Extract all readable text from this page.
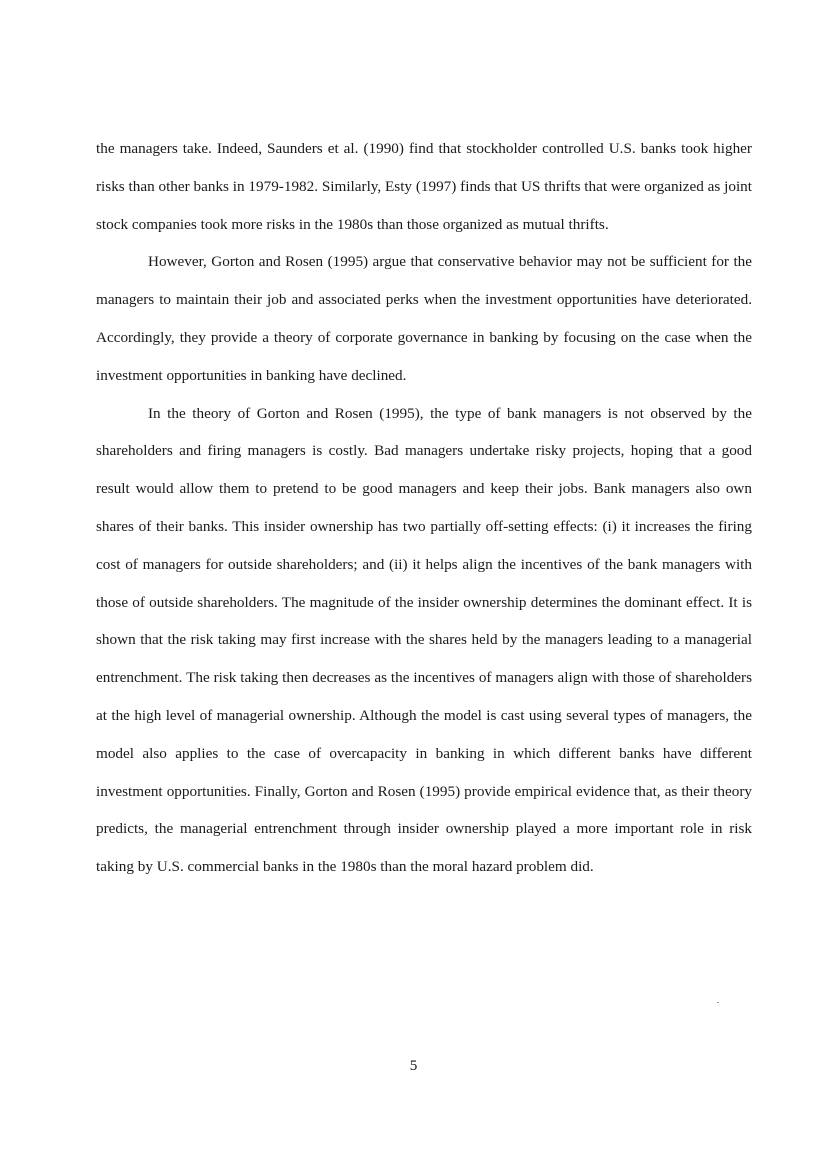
the managers take. Indeed, Saunders et al. (1990) find that stockholder controlled U.S. banks took higher risks than other banks in 1979-1982. Similarly, Esty (1997) finds that US thrifts that were organized as joint stock companies took more risks in the 1980s than those organized as mutual thrifts.

However, Gorton and Rosen (1995) argue that conservative behavior may not be sufficient for the managers to maintain their job and associated perks when the investment opportunities have deteriorated. Accordingly, they provide a theory of corporate governance in banking by focusing on the case when the investment opportunities in banking have declined.

In the theory of Gorton and Rosen (1995), the type of bank managers is not observed by the shareholders and firing managers is costly. Bad managers undertake risky projects, hoping that a good result would allow them to pretend to be good managers and keep their jobs. Bank managers also own shares of their banks. This insider ownership has two partially off-setting effects: (i) it increases the firing cost of managers for outside shareholders; and (ii) it helps align the incentives of the bank managers with those of outside shareholders. The magnitude of the insider ownership determines the dominant effect. It is shown that the risk taking may first increase with the shares held by the managers leading to a managerial entrenchment. The risk taking then decreases as the incentives of managers align with those of shareholders at the high level of managerial ownership. Although the model is cast using several types of managers, the model also applies to the case of overcapacity in banking in which different banks have different investment opportunities. Finally, Gorton and Rosen (1995) provide empirical evidence that, as their theory predicts, the managerial entrenchment through insider ownership played a more important role in risk taking by U.S. commercial banks in the 1980s than the moral hazard problem did.

5
